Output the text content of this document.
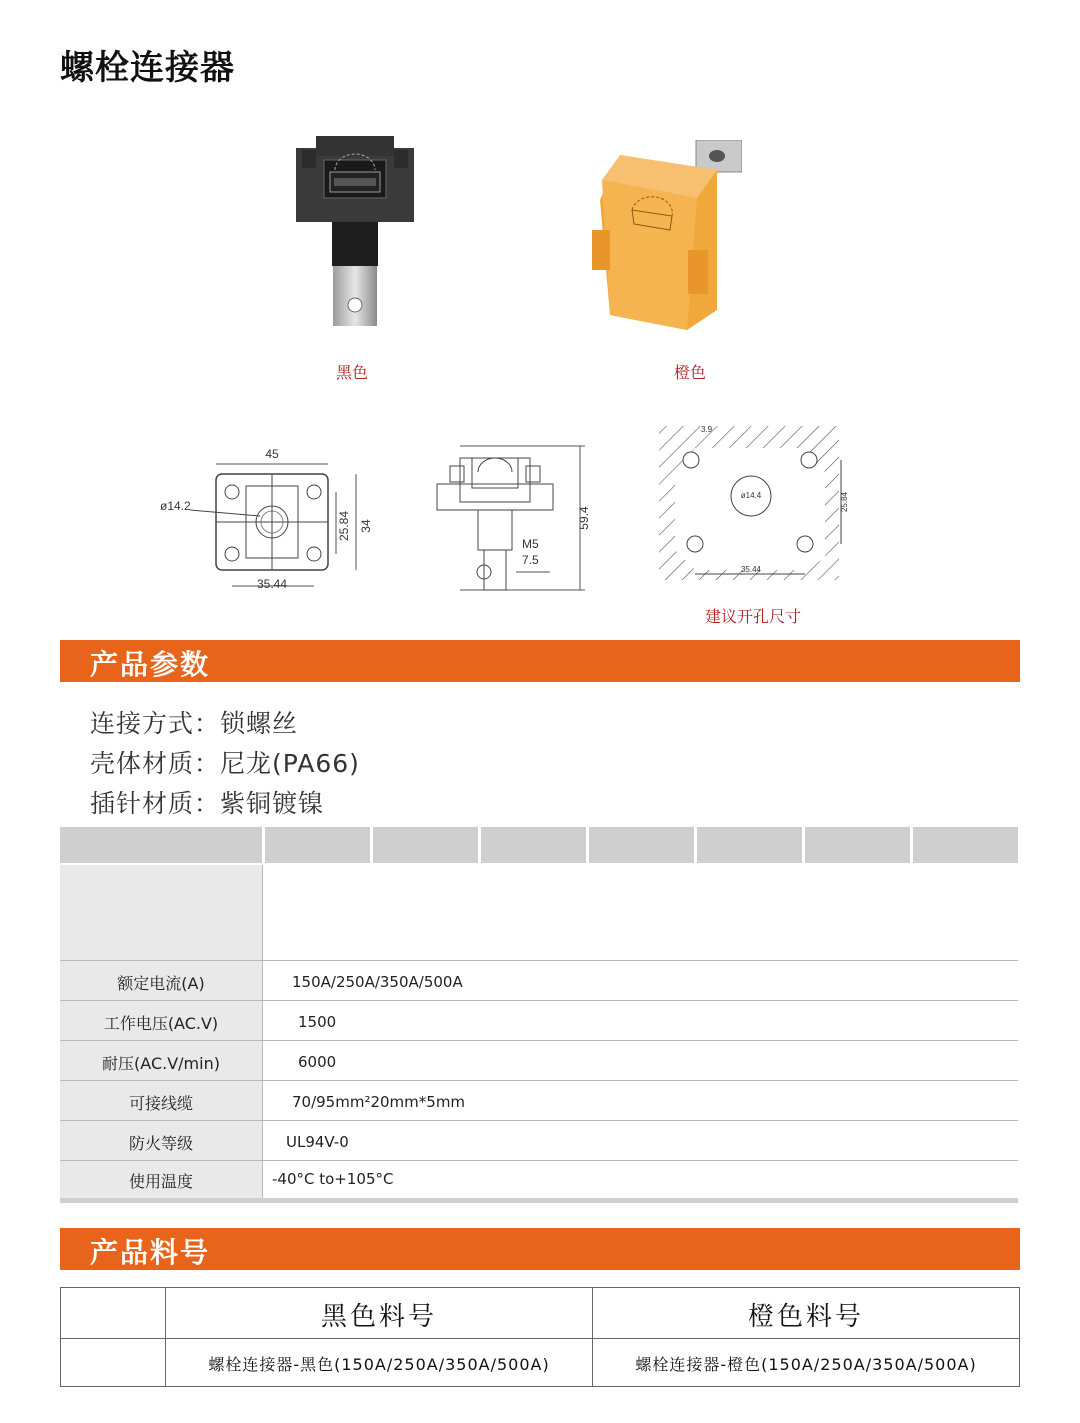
螺栓连接器
黑色	橙色
45
ø14.2
25.84 34
35.44
M5
7.5
59.4
3.9
ø14.4	25.84
35.44
建议开孔尺寸
产品参数
连接方式：锁螺丝
壳体材质：尼龙(PA66)
插针材质：紫铜镀镍
额定电流(A)	150A/250A/350A/500A
工作电压(AC.V)	1500
耐压(AC.V/min)	6000
可接线缆	70/95mm²20mm*5mm
防火等级	UL94V-0
使用温度	-40°C to+105°C
产品料号
黑色料号	橙色料号
螺栓连接器-黑色(150A/250A/350A/500A)	螺栓连接器-橙色(150A/250A/350A/500A)
